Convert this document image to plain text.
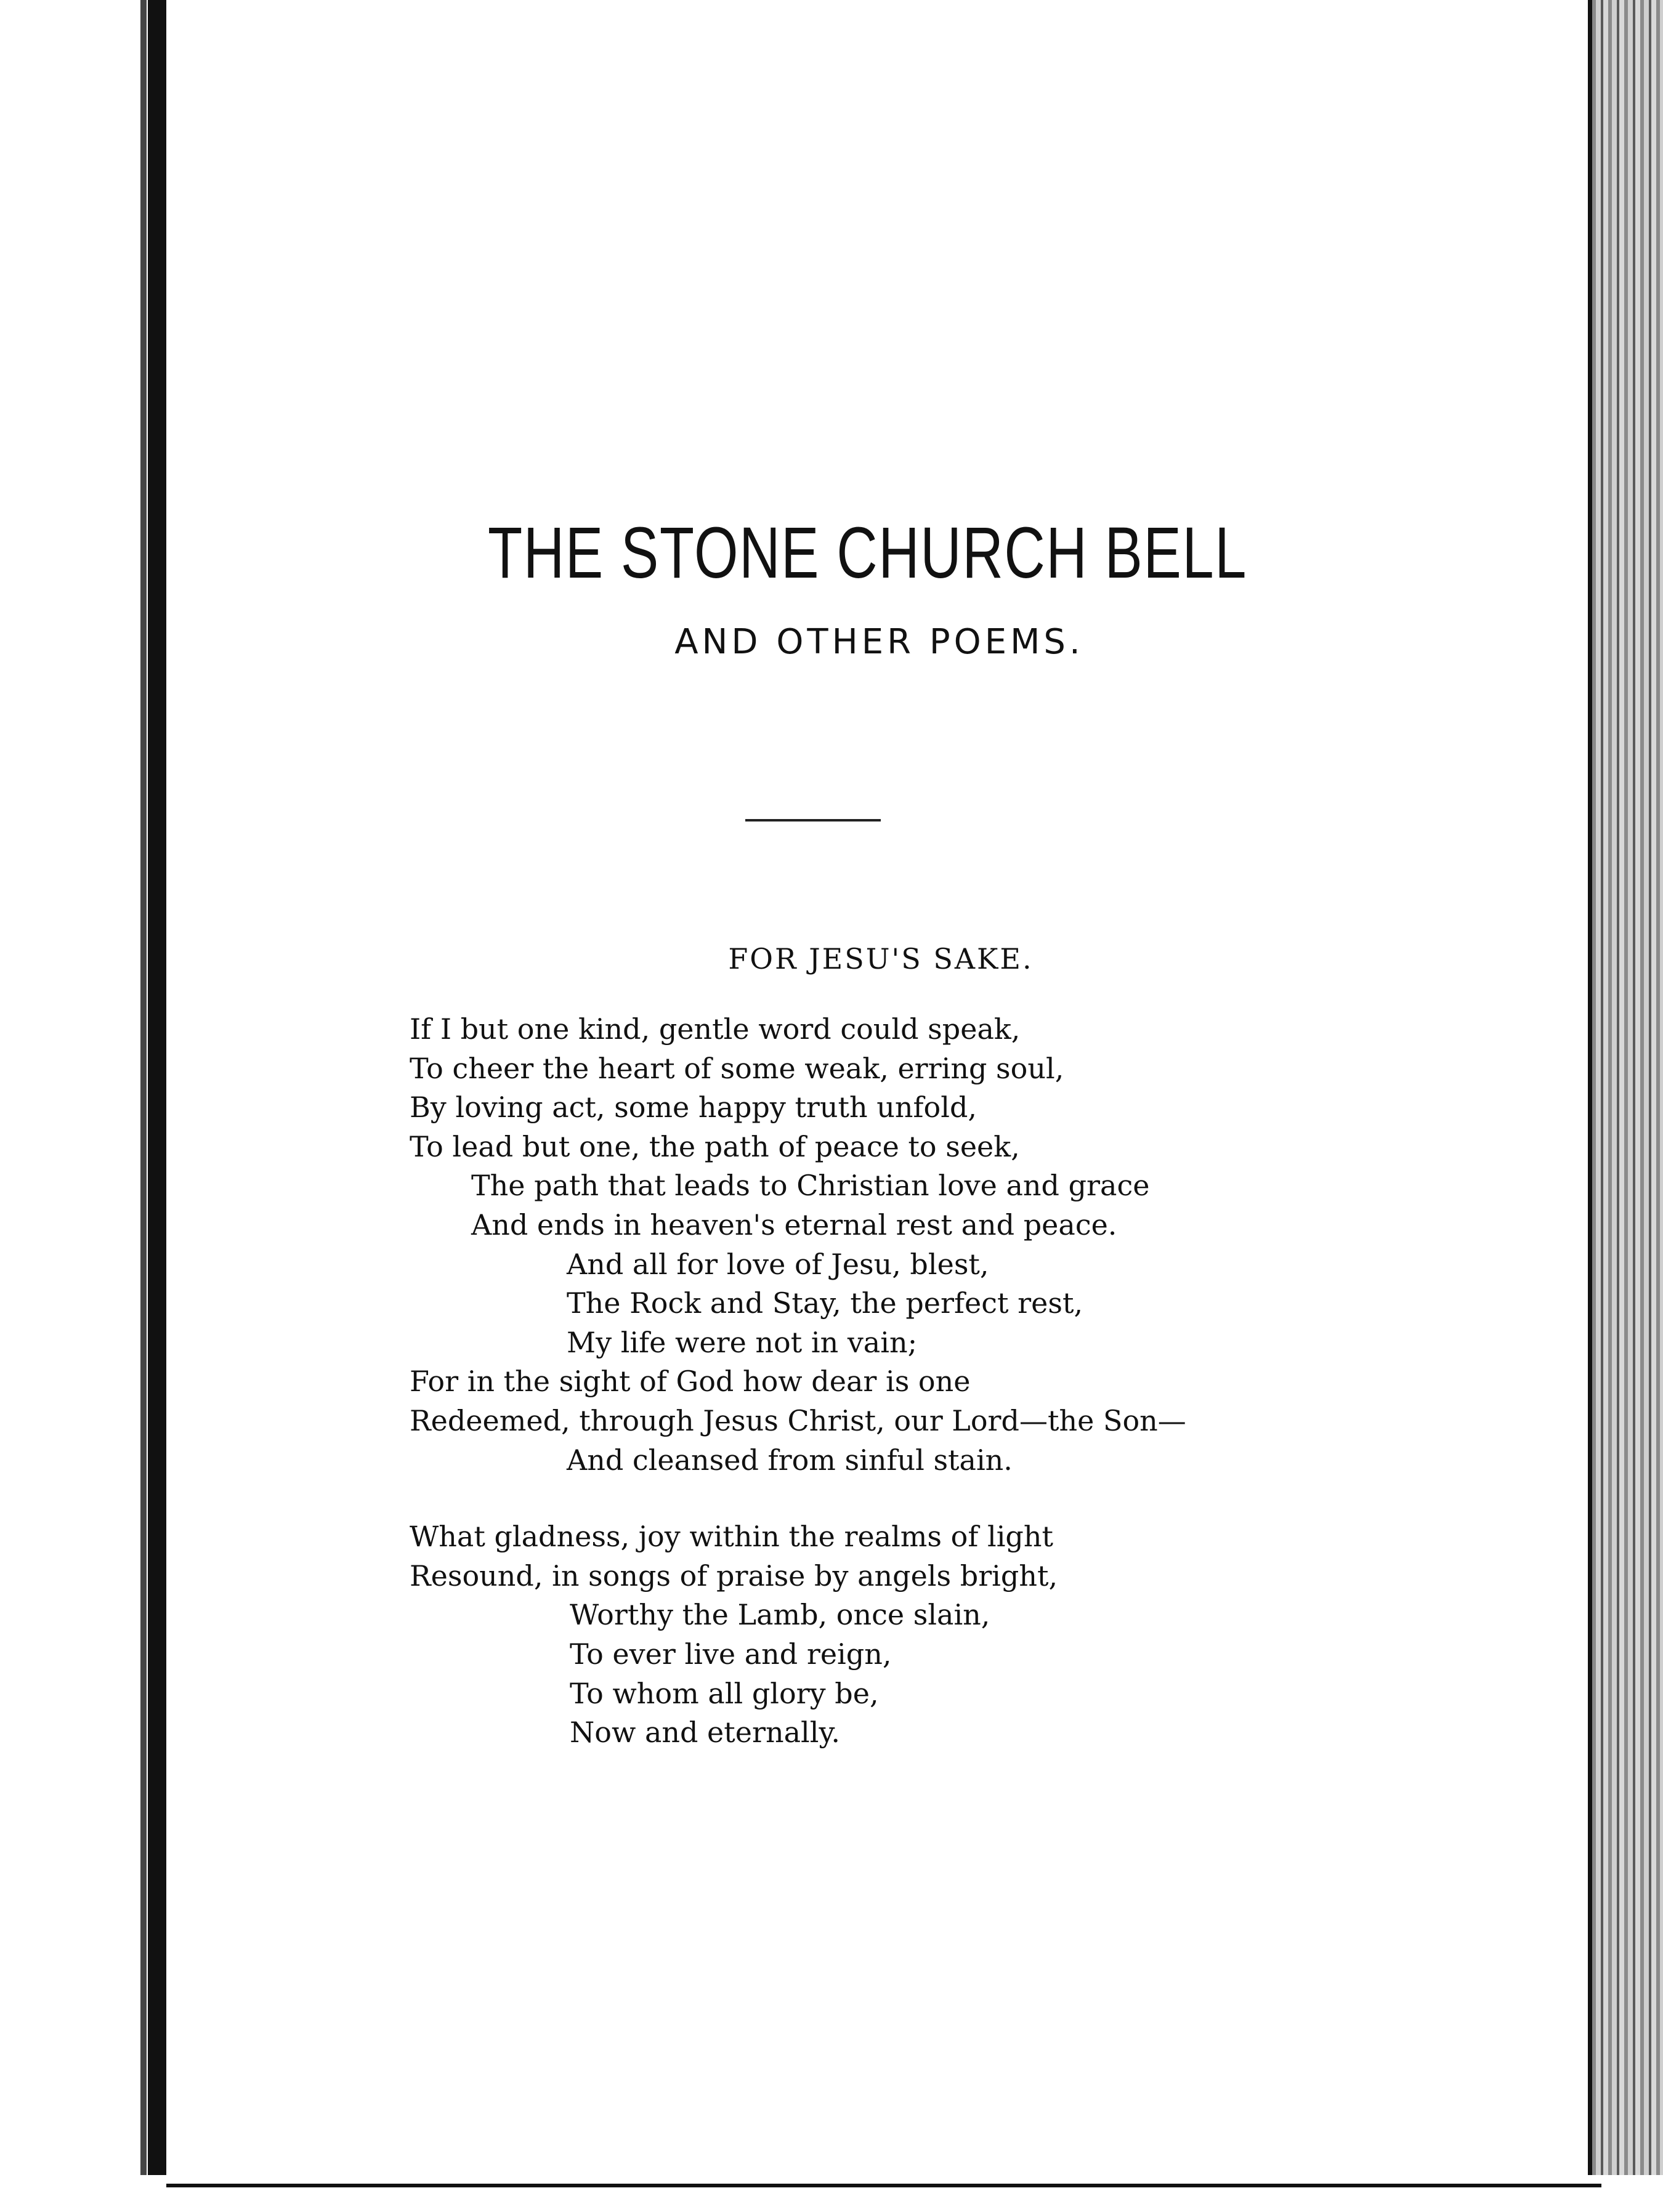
THE STONE CHURCH BELL
AND OTHER POEMS.
FOR JESU'S SAKE.
If I but one kind, gentle word could speak,
To cheer the heart of some weak, erring soul,
By loving act, some happy truth unfold,
To lead but one, the path of peace to seek,
The path that leads to Christian love and grace
And ends in heaven's eternal rest and peace.
And all for love of Jesu, blest,
The Rock and Stay, the perfect rest,
My life were not in vain;
For in the sight of God how dear is one
Redeemed, through Jesus Christ, our Lord—the Son—
And cleansed from sinful stain.
What gladness, joy within the realms of light
Resound, in songs of praise by angels bright,
Worthy the Lamb, once slain,
To ever live and reign,
To whom all glory be,
Now and eternally.
